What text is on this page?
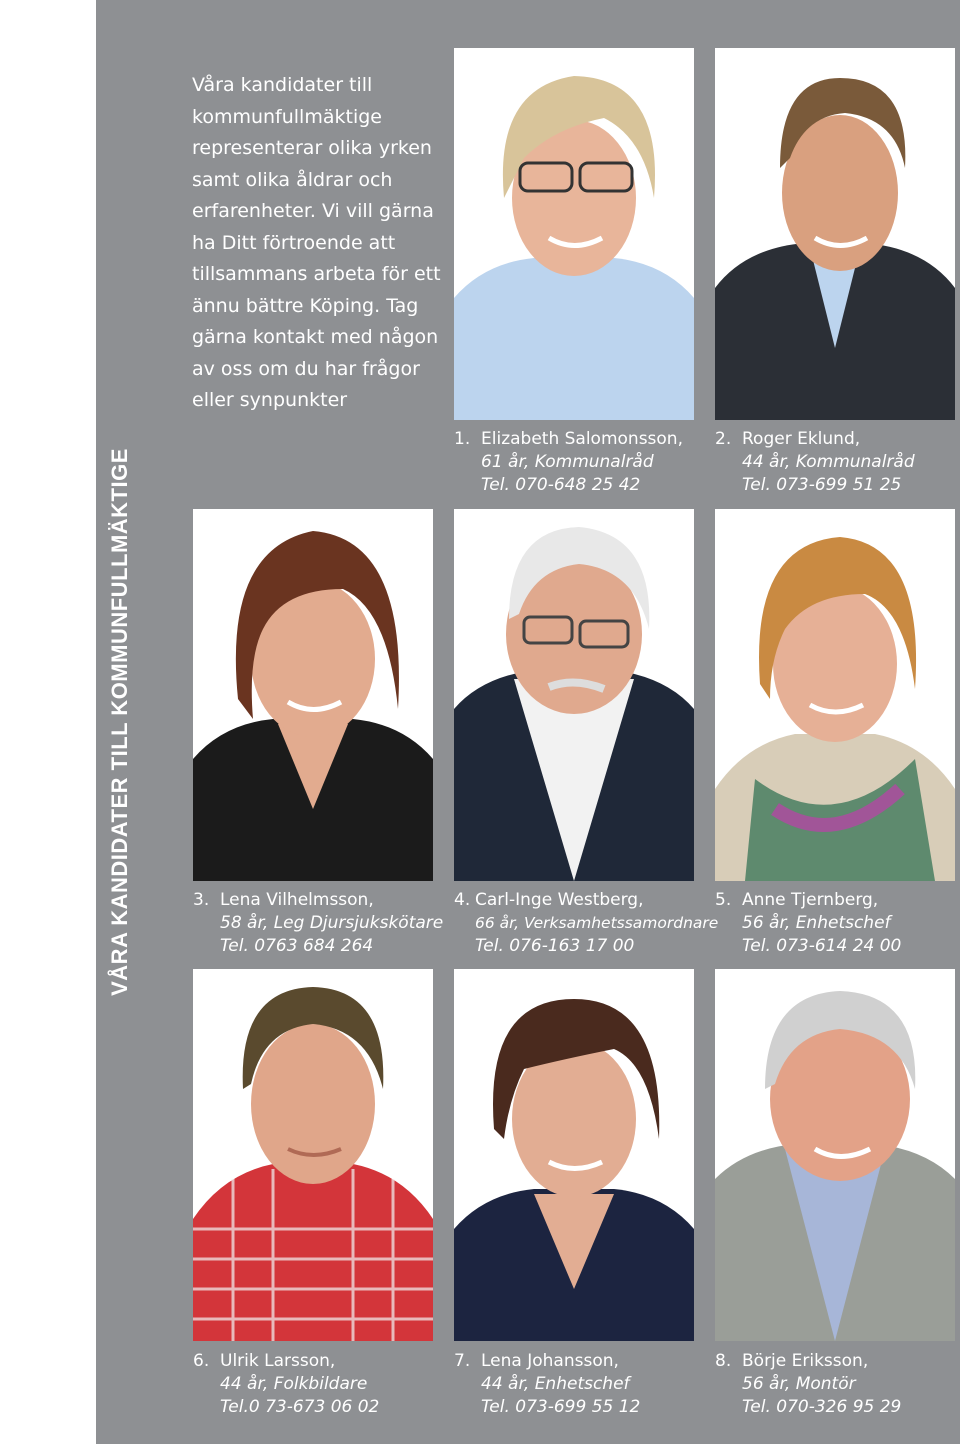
VÅRA KANDIDATER TILL KOMMUNFULLMÄKTIGE

Våra kandidater till kommunfullmäktige representerar olika yrken samt olika åldrar och erfarenheter. Vi vill gärna ha Ditt förtroende att tillsammans arbeta för ett ännu bättre Köping. Tag gärna kontakt med någon av oss om du har frågor eller synpunkter

1. Elizabeth Salomonsson,
61 år, Kommunalråd
Tel. 070-648 25 42
2. Roger Eklund,
44 år, Kommunalråd
Tel. 073-699 51 25
3. Lena Vilhelmsson,
58 år, Leg Djursjukskötare
Tel. 0763 684 264
4. Carl-Inge Westberg,
66 år, Verksamhetssamordnare
Tel. 076-163 17 00
5. Anne Tjernberg,
56 år, Enhetschef
Tel. 073-614 24 00
6. Ulrik Larsson,
44 år, Folkbildare
Tel.0 73-673 06 02
7. Lena Johansson,
44 år, Enhetschef
Tel. 073-699 55 12
8. Börje Eriksson,
56 år, Montör
Tel. 070-326 95 29
